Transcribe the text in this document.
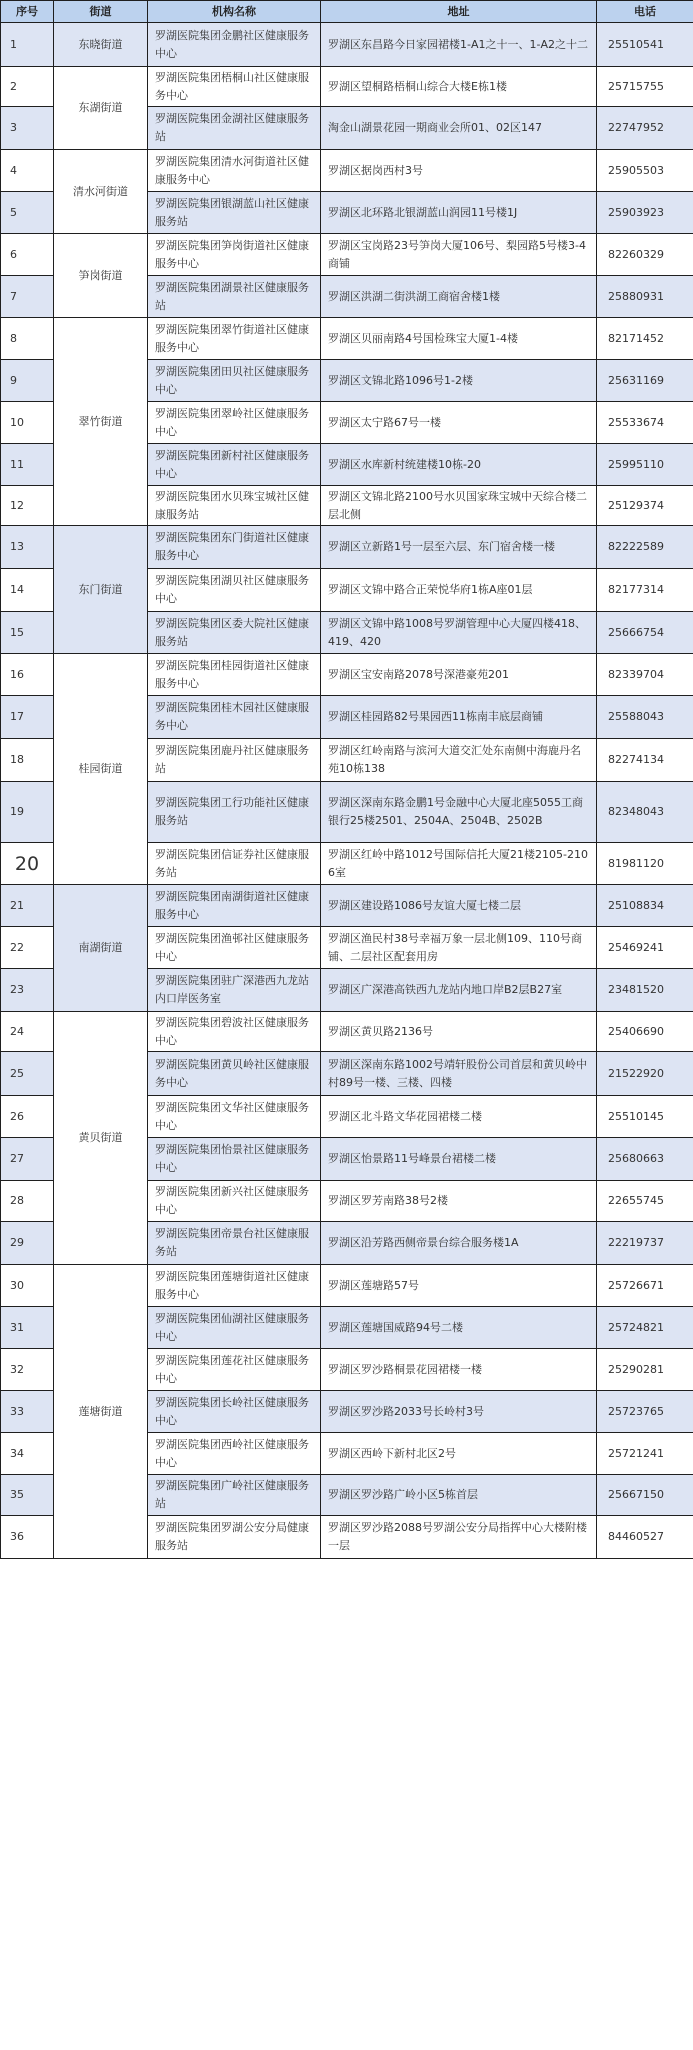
序号	街道	机构名称	地址	电话
1	东晓街道	罗湖医院集团金鹏社区健康服务中心	罗湖区东昌路今日家园裙楼1-A1之十一、1-A2之十二	25510541
2	东湖街道	罗湖医院集团梧桐山社区健康服务中心	罗湖区望桐路梧桐山综合大楼E栋1楼	25715755
3		罗湖医院集团金湖社区健康服务站	淘金山湖景花园一期商业会所01、02区147	22747952
4	清水河街道	罗湖医院集团清水河街道社区健康服务中心	罗湖区据岗西村3号	25905503
5		罗湖医院集团银湖蓝山社区健康服务站	罗湖区北环路北银湖蓝山润园11号楼1J	25903923
6	笋岗街道	罗湖医院集团笋岗街道社区健康服务中心	罗湖区宝岗路23号笋岗大厦106号、梨园路5号楼3-4商铺	82260329
7		罗湖医院集团湖景社区健康服务站	罗湖区洪湖二街洪湖工商宿舍楼1楼	25880931
8	翠竹街道	罗湖医院集团翠竹街道社区健康服务中心	罗湖区贝丽南路4号国检珠宝大厦1-4楼	82171452
9		罗湖医院集团田贝社区健康服务中心	罗湖区文锦北路1096号1-2楼	25631169
10		罗湖医院集团翠岭社区健康服务中心	罗湖区太宁路67号一楼	25533674
11		罗湖医院集团新村社区健康服务中心	罗湖区水库新村统建楼10栋-20	25995110
12		罗湖医院集团水贝珠宝城社区健康服务站	罗湖区文锦北路2100号水贝国家珠宝城中天综合楼二层北侧	25129374
13	东门街道	罗湖医院集团东门街道社区健康服务中心	罗湖区立新路1号一层至六层、东门宿舍楼一楼	82222589
14		罗湖医院集团湖贝社区健康服务中心	罗湖区文锦中路合正荣悦华府1栋A座01层	82177314
15		罗湖医院集团区委大院社区健康服务站	罗湖区文锦中路1008号罗湖管理中心大厦四楼418、419、420	25666754
16	桂园街道	罗湖医院集团桂园街道社区健康服务中心	罗湖区宝安南路2078号深港豪苑201	82339704
17		罗湖医院集团桂木园社区健康服务中心	罗湖区桂园路82号果园西11栋南丰底层商铺	25588043
18		罗湖医院集团鹿丹社区健康服务站	罗湖区红岭南路与滨河大道交汇处东南侧中海鹿丹名苑10栋138	82274134
19		罗湖医院集团工行功能社区健康服务站	罗湖区深南东路金鹏1号金融中心大厦北座5055工商银行25楼2501、2504A、2504B、2502B	82348043
20		罗湖医院集团信证券社区健康服务站	罗湖区红岭中路1012号国际信托大厦21楼2105-2106室	81981120
21	南湖街道	罗湖医院集团南湖街道社区健康服务中心	罗湖区建设路1086号友谊大厦七楼二层	25108834
22		罗湖医院集团渔邨社区健康服务中心	罗湖区渔民村38号幸福万象一层北侧109、110号商铺、二层社区配套用房	25469241
23		罗湖医院集团驻广深港西九龙站内口岸医务室	罗湖区广深港高铁西九龙站内地口岸B2层B27室	23481520
24	黄贝街道	罗湖医院集团碧波社区健康服务中心	罗湖区黄贝路2136号	25406690
25		罗湖医院集团黄贝岭社区健康服务中心	罗湖区深南东路1002号靖轩股份公司首层和黄贝岭中村89号一楼、三楼、四楼	21522920
26		罗湖医院集团文华社区健康服务中心	罗湖区北斗路文华花园裙楼二楼	25510145
27		罗湖医院集团怡景社区健康服务中心	罗湖区怡景路11号峰景台裙楼二楼	25680663
28		罗湖医院集团新兴社区健康服务中心	罗湖区罗芳南路38号2楼	22655745
29		罗湖医院集团帝景台社区健康服务站	罗湖区沿芳路西侧帝景台综合服务楼1A	22219737
30	莲塘街道	罗湖医院集团莲塘街道社区健康服务中心	罗湖区莲塘路57号	25726671
31		罗湖医院集团仙湖社区健康服务中心	罗湖区莲塘国威路94号二楼	25724821
32		罗湖医院集团莲花社区健康服务中心	罗湖区罗沙路桐景花园裙楼一楼	25290281
33		罗湖医院集团长岭社区健康服务中心	罗湖区罗沙路2033号长岭村3号	25723765
34		罗湖医院集团西岭社区健康服务中心	罗湖区西岭下新村北区2号	25721241
35		罗湖医院集团广岭社区健康服务站	罗湖区罗沙路广岭小区5栋首层	25667150
36		罗湖医院集团罗湖公安分局健康服务站	罗湖区罗沙路2088号罗湖公安分局指挥中心大楼附楼一层	84460527
